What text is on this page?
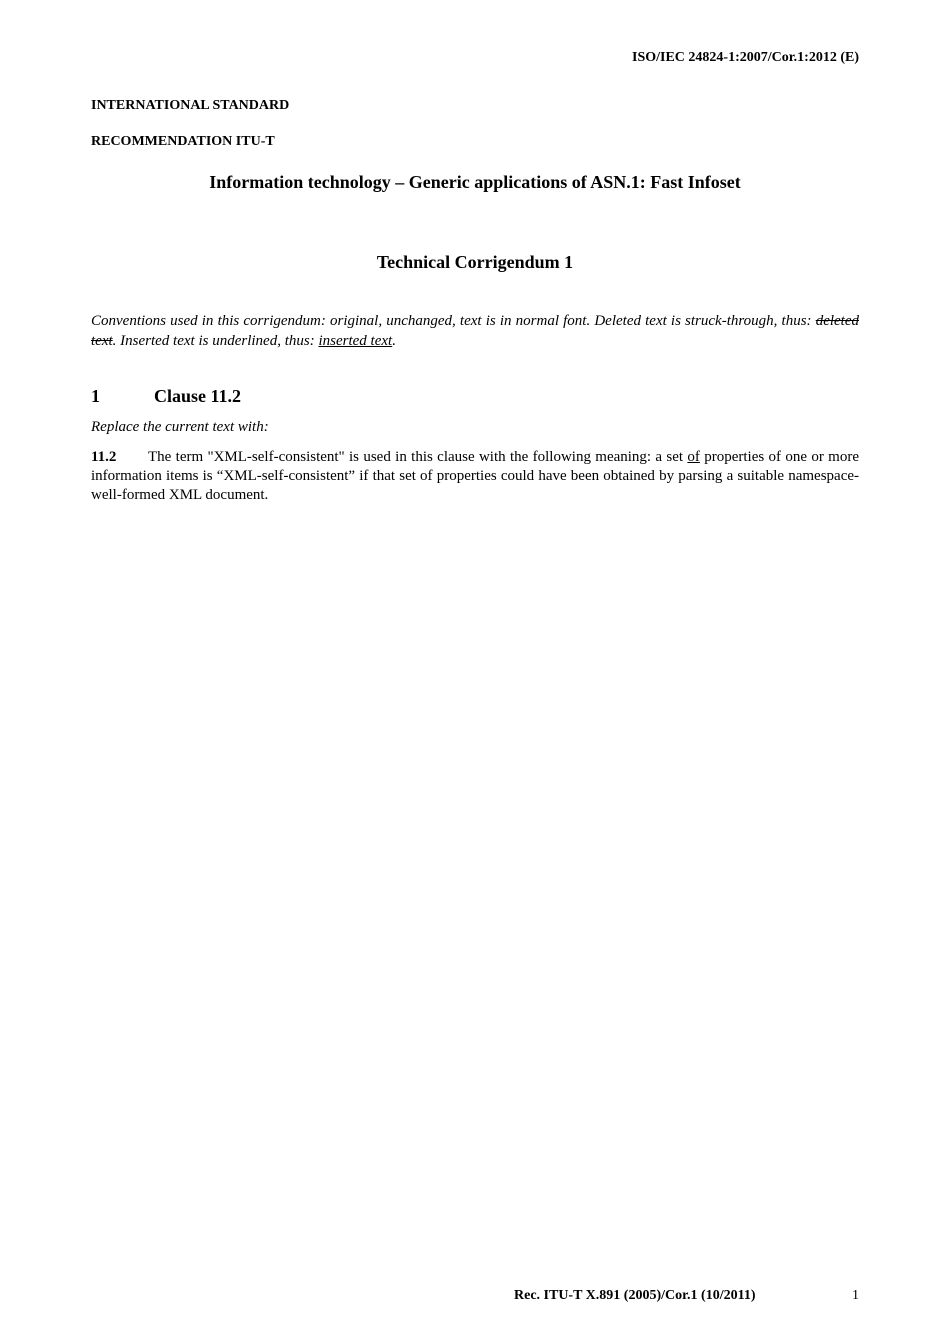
ISO/IEC 24824-1:2007/Cor.1:2012 (E)
INTERNATIONAL STANDARD
RECOMMENDATION ITU-T
Information technology – Generic applications of ASN.1: Fast Infoset
Technical Corrigendum 1
Conventions used in this corrigendum: original, unchanged, text is in normal font. Deleted text is struck-through, thus: deleted text. Inserted text is underlined, thus: inserted text.
1	Clause 11.2
Replace the current text with:
11.2 The term "XML-self-consistent" is used in this clause with the following meaning: a set of properties of one or more information items is “XML-self-consistent” if that set of properties could have been obtained by parsing a suitable namespace-well-formed XML document.
Rec. ITU-T X.891 (2005)/Cor.1 (10/2011)	1
